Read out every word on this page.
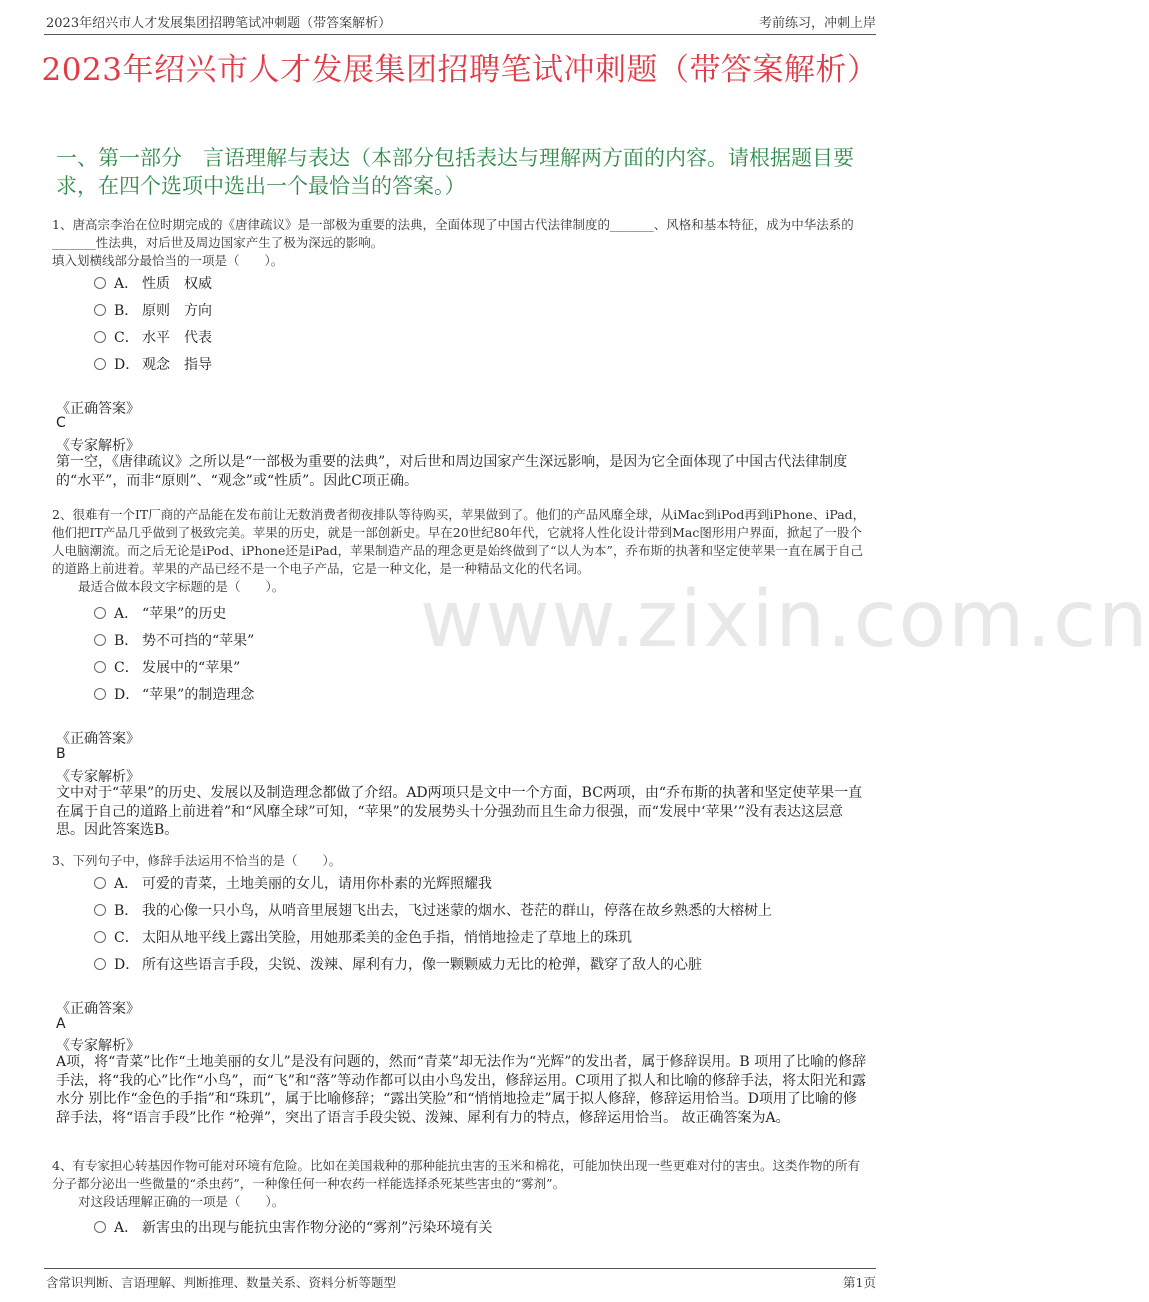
2023年绍兴市人才发展集团招聘笔试冲刺题（带答案解析）	考前练习，冲刺上岸
2023年绍兴市人才发展集团招聘笔试冲刺题（带答案解析）
一、第一部分　言语理解与表达（本部分包括表达与理解两方面的内容。请根据题目要求，在四个选项中选出一个最恰当的答案。）
www.zixin.com.cn
1、唐高宗李治在位时期完成的《唐律疏议》是一部极为重要的法典，全面体现了中国古代法律制度的_______、风格和基本特征，成为中华法系的_______性法典，对后世及周边国家产生了极为深远的影响。
填入划横线部分最恰当的一项是（　　）。
A． 性质　权威
B． 原则　方向
C． 水平　代表
D． 观念　指导
《正确答案》
C
《专家解析》
第一空，《唐律疏议》之所以是“一部极为重要的法典”，对后世和周边国家产生深远影响，是因为它全面体现了中国古代法律制度的“水平”，而非“原则”、“观念”或“性质”。因此C项正确。
2、很难有一个IT厂商的产品能在发布前让无数消费者彻夜排队等待购买，苹果做到了。他们的产品风靡全球，从iMac到iPod再到iPhone、iPad，他们把IT产品几乎做到了极致完美。苹果的历史，就是一部创新史。早在20世纪80年代，它就将人性化设计带到Mac图形用户界面，掀起了一股个人电脑潮流。而之后无论是iPod、iPhone还是iPad，苹果制造产品的理念更是始终做到了“以人为本”，乔布斯的执著和坚定使苹果一直在属于自己的道路上前进着。苹果的产品已经不是一个电子产品，它是一种文化，是一种精品文化的代名词。
最适合做本段文字标题的是（　　）。
A． “苹果”的历史
B． 势不可挡的“苹果”
C． 发展中的“苹果”
D． “苹果”的制造理念
《正确答案》
B
《专家解析》
文中对于“苹果”的历史、发展以及制造理念都做了介绍。AD两项只是文中一个方面，BC两项，由“乔布斯的执著和坚定使苹果一直在属于自己的道路上前进着”和“风靡全球”可知，“苹果”的发展势头十分强劲而且生命力很强，而“发展中‘苹果’”没有表达这层意思。因此答案选B。
3、下列句子中，修辞手法运用不恰当的是（　　）。
A． 可爱的青菜，土地美丽的女儿，请用你朴素的光辉照耀我
B． 我的心像一只小鸟，从哨音里展翅飞出去，飞过迷蒙的烟水、苍茫的群山，停落在故乡熟悉的大榕树上
C． 太阳从地平线上露出笑脸，用她那柔美的金色手指，悄悄地捡走了草地上的珠玑
D． 所有这些语言手段，尖锐、泼辣、犀利有力，像一颗颗威力无比的枪弹，戳穿了敌人的心脏
《正确答案》
A
《专家解析》
A项，将“青菜”比作“土地美丽的女儿”是没有问题的，然而“青菜”却无法作为“光辉”的发出者，属于修辞误用。B 项用了比喻的修辞手法，将“我的心”比作“小鸟”，而“飞”和“落”等动作都可以由小鸟发出，修辞运用。C项用了拟人和比喻的修辞手法，将太阳光和露水分 别比作“金色的手指”和“珠玑”，属于比喻修辞；“露出笑脸”和“悄悄地捡走”属于拟人修辞，修辞运用恰当。D项用了比喻的修辞手法，将“语言手段”比作 “枪弹”，突出了语言手段尖锐、泼辣、犀利有力的特点，修辞运用恰当。 故正确答案为A。
4、有专家担心转基因作物可能对环境有危险。比如在美国栽种的那种能抗虫害的玉米和棉花，可能加快出现一些更难对付的害虫。这类作物的所有分子都分泌出一些微量的“杀虫药”，一种像任何一种农药一样能选择杀死某些害虫的“雾剂”。
对这段话理解正确的一项是（　　）。
A． 新害虫的出现与能抗虫害作物分泌的“雾剂”污染环境有关
含常识判断、言语理解、判断推理、数量关系、资料分析等题型	第1页
